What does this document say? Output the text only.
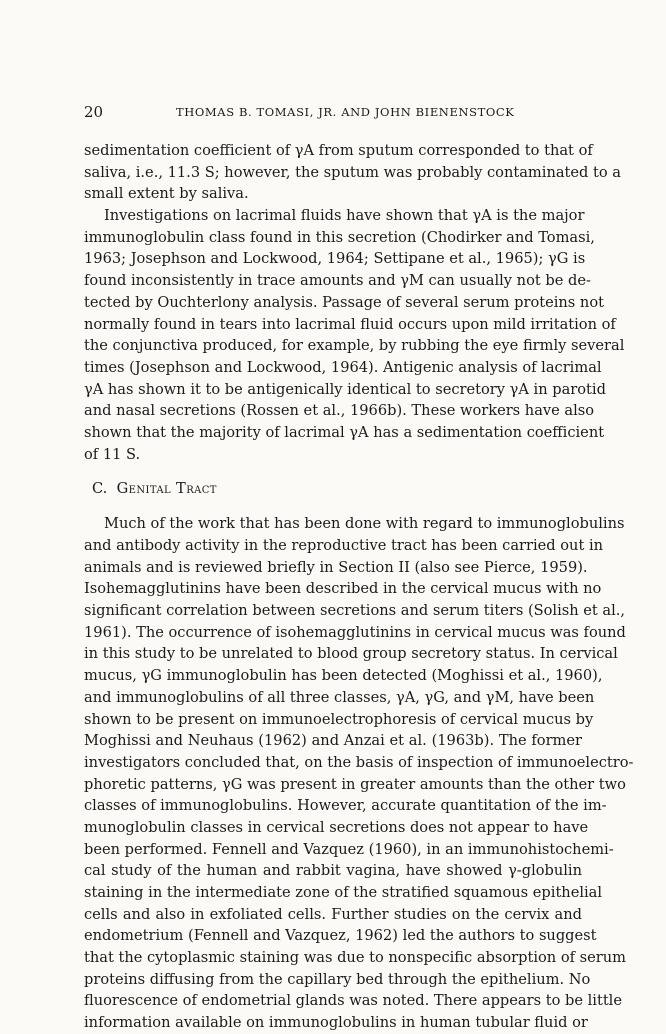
20	THOMAS B. TOMASI, JR. AND JOHN BIENENSTOCK
sedimentation coefficient of γA from sputum corresponded to that of
saliva, i.e., 11.3 S; however, the sputum was probably contaminated to a
small extent by saliva.
Investigations on lacrimal fluids have shown that γA is the major
immunoglobulin class found in this secretion (Chodirker and Tomasi,
1963; Josephson and Lockwood, 1964; Settipane et al., 1965); γG is
found inconsistently in trace amounts and γM can usually not be de-
tected by Ouchterlony analysis. Passage of several serum proteins not
normally found in tears into lacrimal fluid occurs upon mild irritation of
the conjunctiva produced, for example, by rubbing the eye firmly several
times (Josephson and Lockwood, 1964). Antigenic analysis of lacrimal
γA has shown it to be antigenically identical to secretory γA in parotid
and nasal secretions (Rossen et al., 1966b). These workers have also
shown that the majority of lacrimal γA has a sedimentation coefficient
of 11 S.
C. Genital Tract
Much of the work that has been done with regard to immunoglobulins
and antibody activity in the reproductive tract has been carried out in
animals and is reviewed briefly in Section II (also see Pierce, 1959).
Isohemagglutinins have been described in the cervical mucus with no
significant correlation between secretions and serum titers (Solish et al.,
1961). The occurrence of isohemagglutinins in cervical mucus was found
in this study to be unrelated to blood group secretory status. In cervical
mucus, γG immunoglobulin has been detected (Moghissi et al., 1960),
and immunoglobulins of all three classes, γA, γG, and γM, have been
shown to be present on immunoelectrophoresis of cervical mucus by
Moghissi and Neuhaus (1962) and Anzai et al. (1963b). The former
investigators concluded that, on the basis of inspection of immunoelectro-
phoretic patterns, γG was present in greater amounts than the other two
classes of immunoglobulins. However, accurate quantitation of the im-
munoglobulin classes in cervical secretions does not appear to have
been performed. Fennell and Vazquez (1960), in an immunohistochemi-
cal study of the human and rabbit vagina, have showed γ-globulin
staining in the intermediate zone of the stratified squamous epithelial
cells and also in exfoliated cells. Further studies on the cervix and
endometrium (Fennell and Vazquez, 1962) led the authors to suggest
that the cytoplasmic staining was due to nonspecific absorption of serum
proteins diffusing from the capillary bed through the epithelium. No
fluorescence of endometrial glands was noted. There appears to be little
information available on immunoglobulins in human tubular fluid or
